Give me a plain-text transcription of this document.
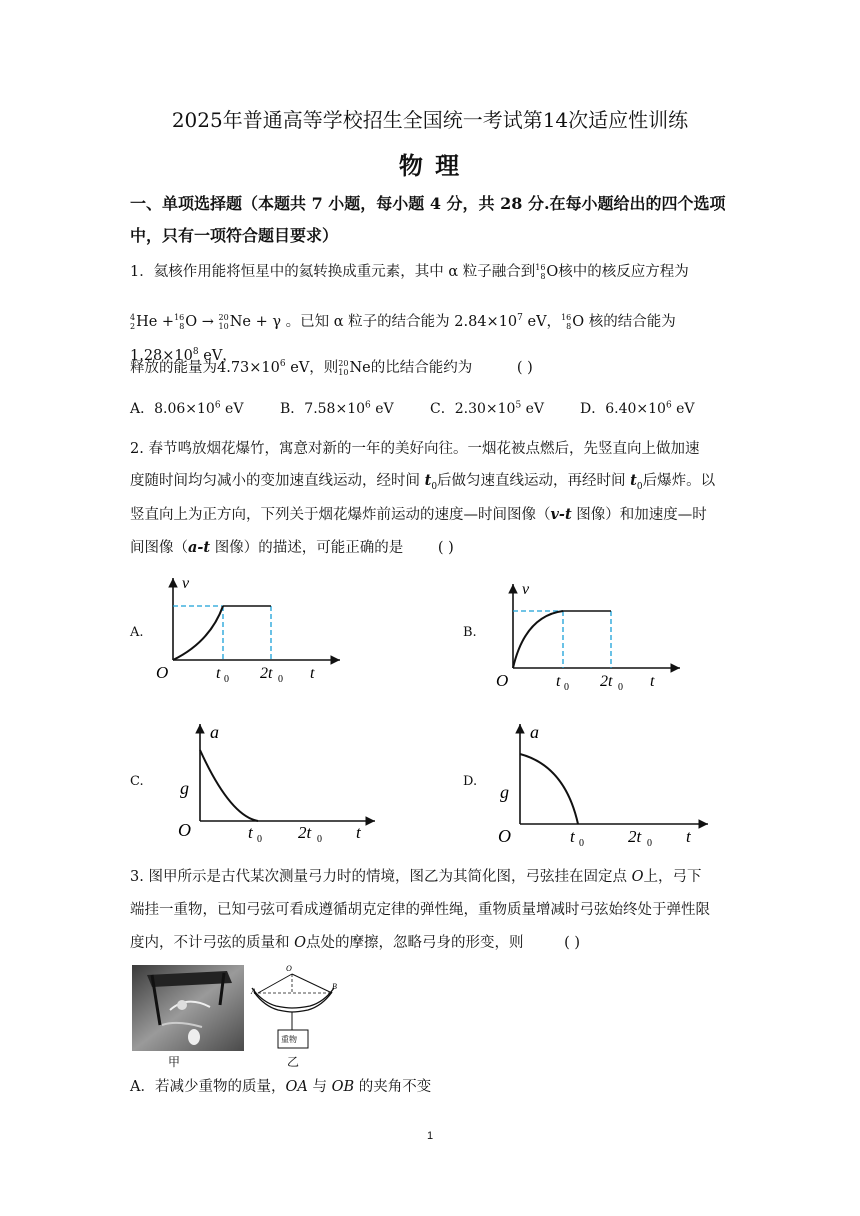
2025年普通高等学校招生全国统一考试第14次适应性训练
物 理
一、单项选择题（本题共 7 小题，每小题 4 分，共 28 分.在每小题给出的四个选项中，只有一项符合题目要求）
1．氦核作用能将恒星中的氦转换成重元素，其中 α 粒子融合到 16
8 O核中的核反应方程为
4
2 He + 16
8 O → 20
10 Ne + γ 。已知 α 粒子的结合能为 $2.84\times 10^7$ eV， 16
8 O 核的结合能为$1.28\times 10^8$ eV，
释放的能量为$4.73\times 10^6$ eV，则 20
10 Ne的比结合能约为	( )
A．$8.06\times 10^6$ eV	B．$7.58\times 10^6$ eV	C．$2.30\times 10^5$ eV	D．$6.40\times 10^6$ eV
2. 春节鸣放烟花爆竹，寓意对新的一年的美好向往。一烟花被点燃后，先竖直向上做加速
度随时间均匀减小的变加速直线运动，经时间 $t_0$后做匀速直线运动，再经时间 $t_0$后爆炸。以
竖直向上为正方向，下列关于烟花爆炸前运动的速度—时间图像（v-t 图像）和加速度—时
间图像（a-t 图像）的描述，可能正确的是 ( )
A.
v
O	t 0 2t 0 t
B.
v
O	t 0 2t 0 t
C.
a
g
O	t 0 2t 0 t
D.
a
g
O	t 0	2t 0 t
3. 图甲所示是古代某次测量弓力时的情境，图乙为其简化图，弓弦挂在固定点 O上，弓下
端挂一重物，已知弓弦可看成遵循胡克定律的弹性绳，重物质量增减时弓弦始终处于弹性限
度内，不计弓弦的质量和 O点处的摩擦，忽略弓身的形变，则	( )
甲
O
A
B
重物
乙
A．若减少重物的质量，OA 与 OB 的夹角不变
1
